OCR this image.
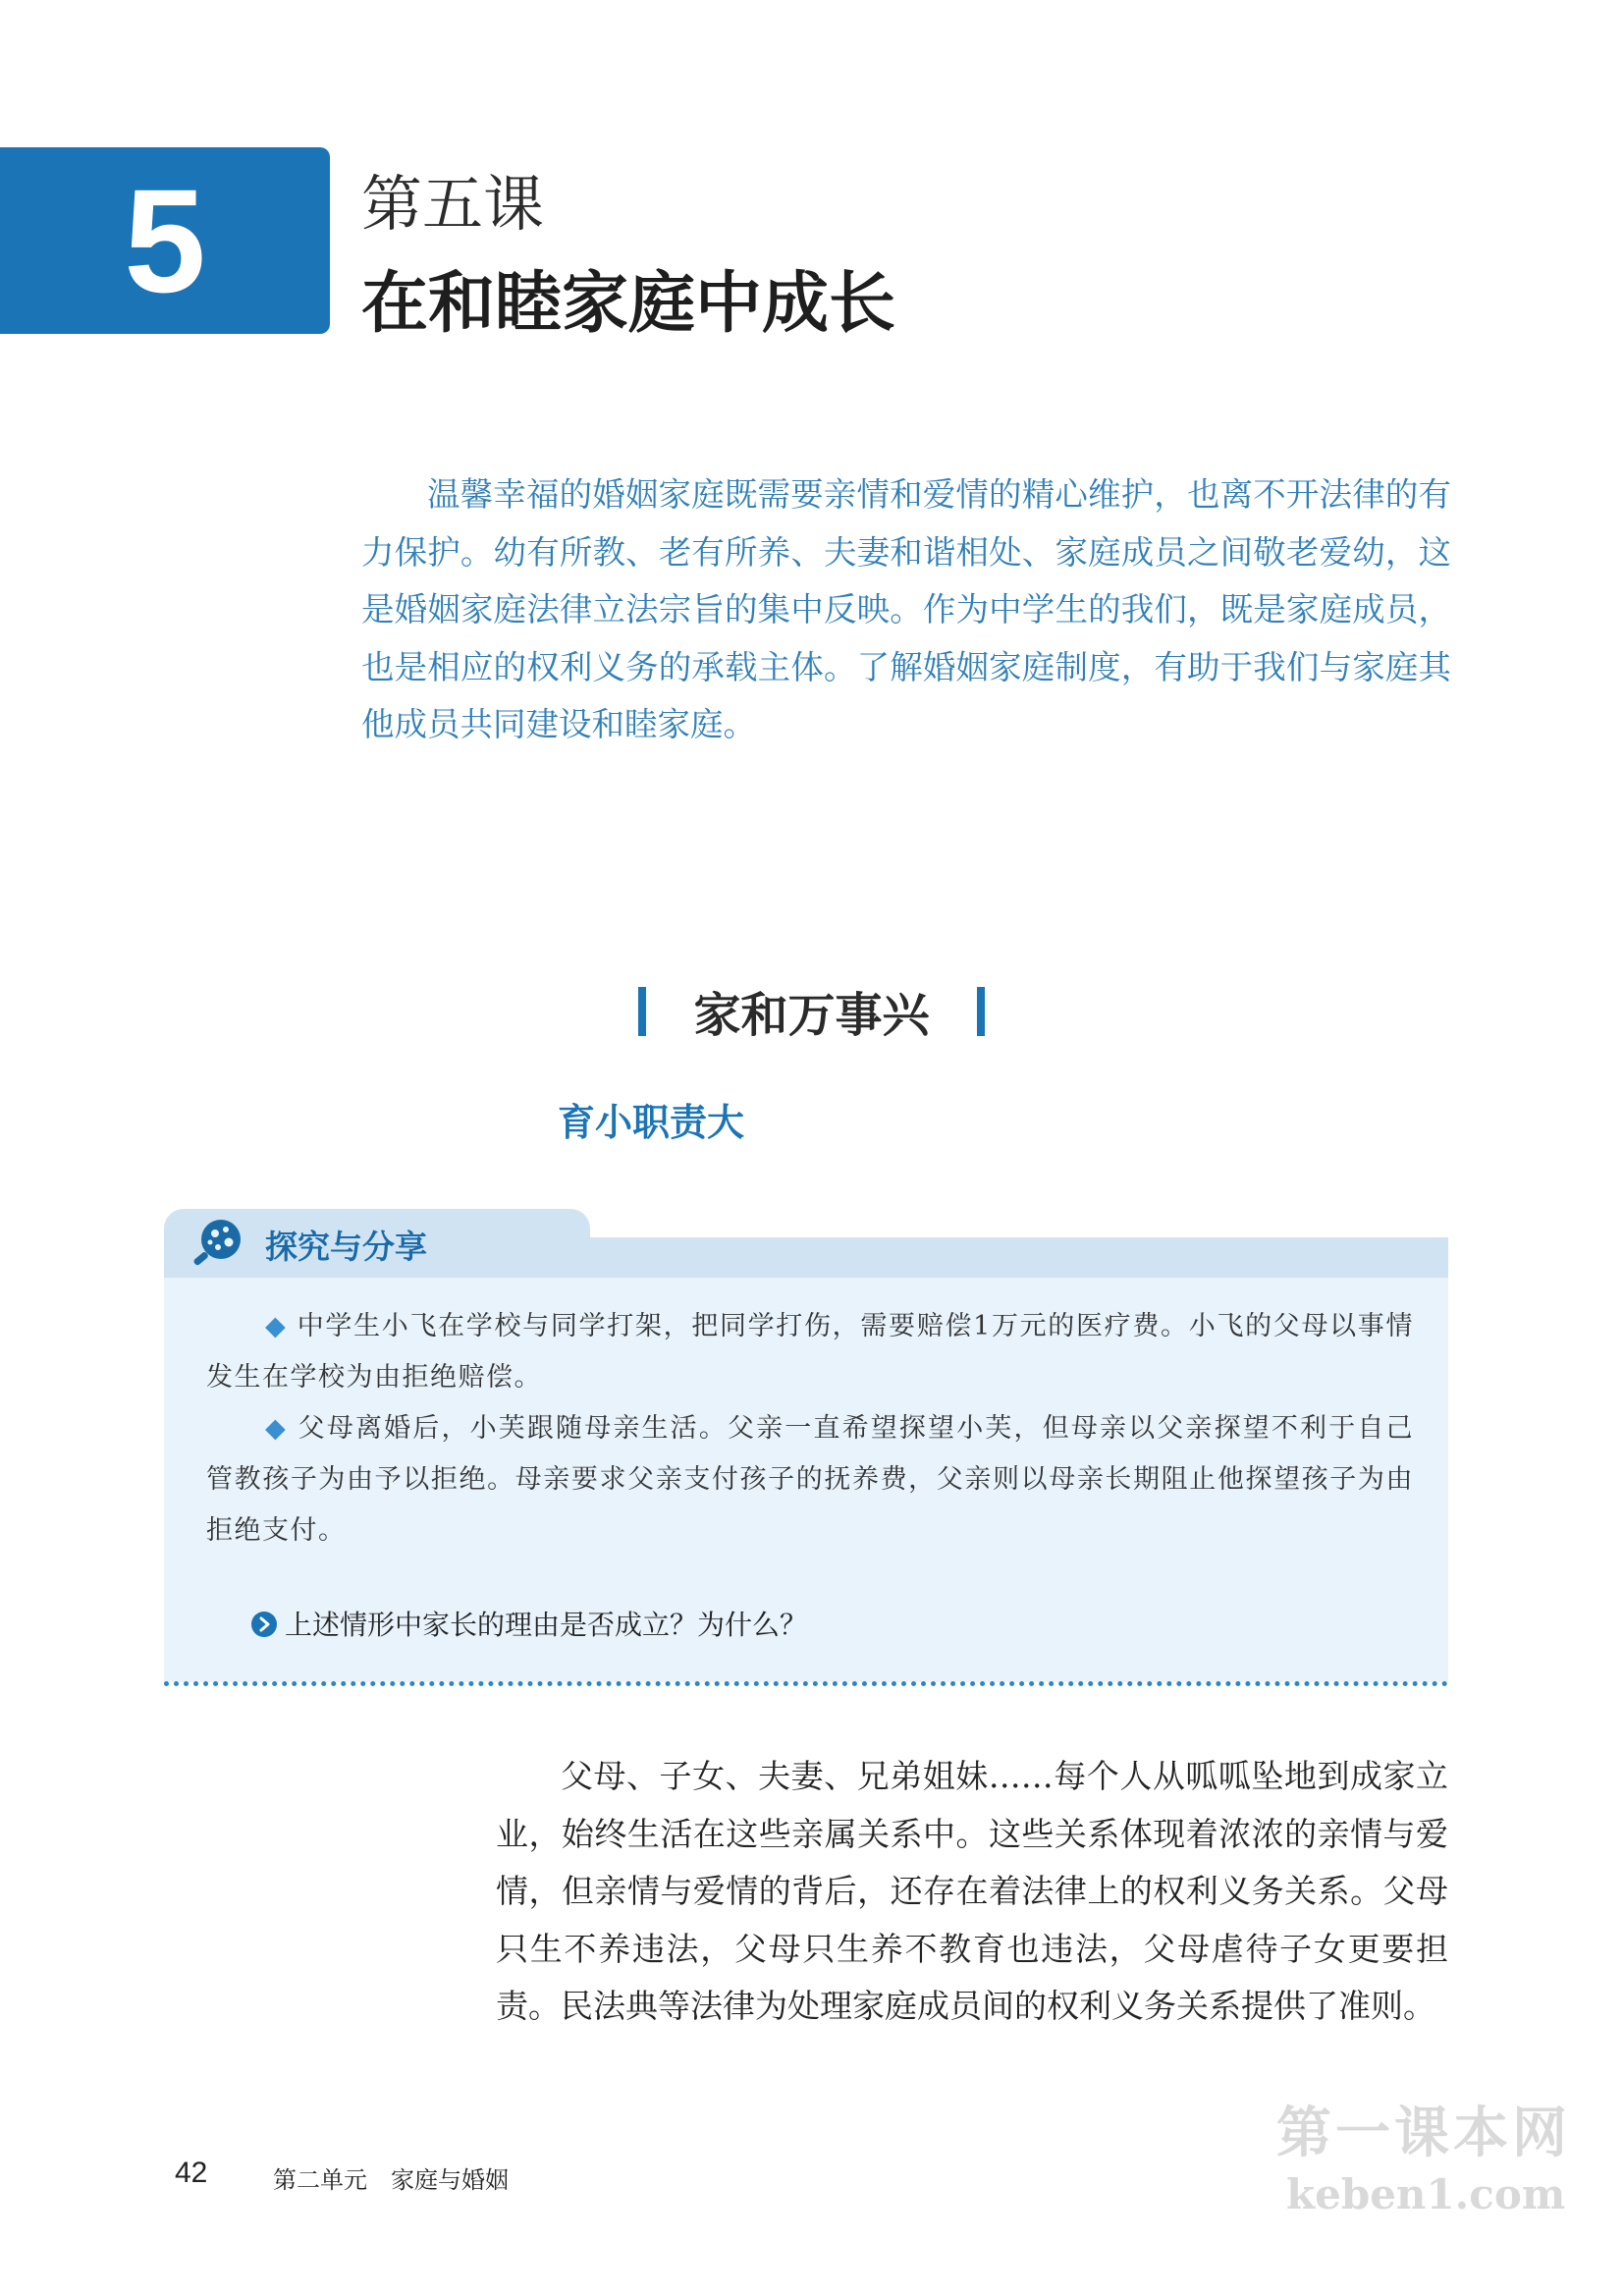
5	第五课
在和睦家庭中成长

温馨幸福的婚姻家庭既需要亲情和爱情的精心维护，也离不开法律的有力保护。幼有所教、老有所养、夫妻和谐相处、家庭成员之间敬老爱幼，这是婚姻家庭法律立法宗旨的集中反映。作为中学生的我们，既是家庭成员，也是相应的权利义务的承载主体。了解婚姻家庭制度，有助于我们与家庭其他成员共同建设和睦家庭。

家和万事兴
育小职责大
探究与分享

◆ 中学生小飞在学校与同学打架，把同学打伤，需要赔偿1万元的医疗费。小飞的父母以事情发生在学校为由拒绝赔偿。

◆ 父母离婚后，小芙跟随母亲生活。父亲一直希望探望小芙，但母亲以父亲探望不利于自己管教孩子为由予以拒绝。母亲要求父亲支付孩子的抚养费，父亲则以母亲长期阻止他探望孩子为由拒绝支付。

上述情形中家长的理由是否成立？为什么？

父母、子女、夫妻、兄弟姐妹……每个人从呱呱坠地到成家立业，始终生活在这些亲属关系中。这些关系体现着浓浓的亲情与爱情，但亲情与爱情的背后，还存在着法律上的权利义务关系。父母只生不养违法，父母只生养不教育也违法，父母虐待子女更要担责。民法典等法律为处理家庭成员间的权利义务关系提供了准则。

42	第二单元　家庭与婚姻
第一课本网
keben1.com
